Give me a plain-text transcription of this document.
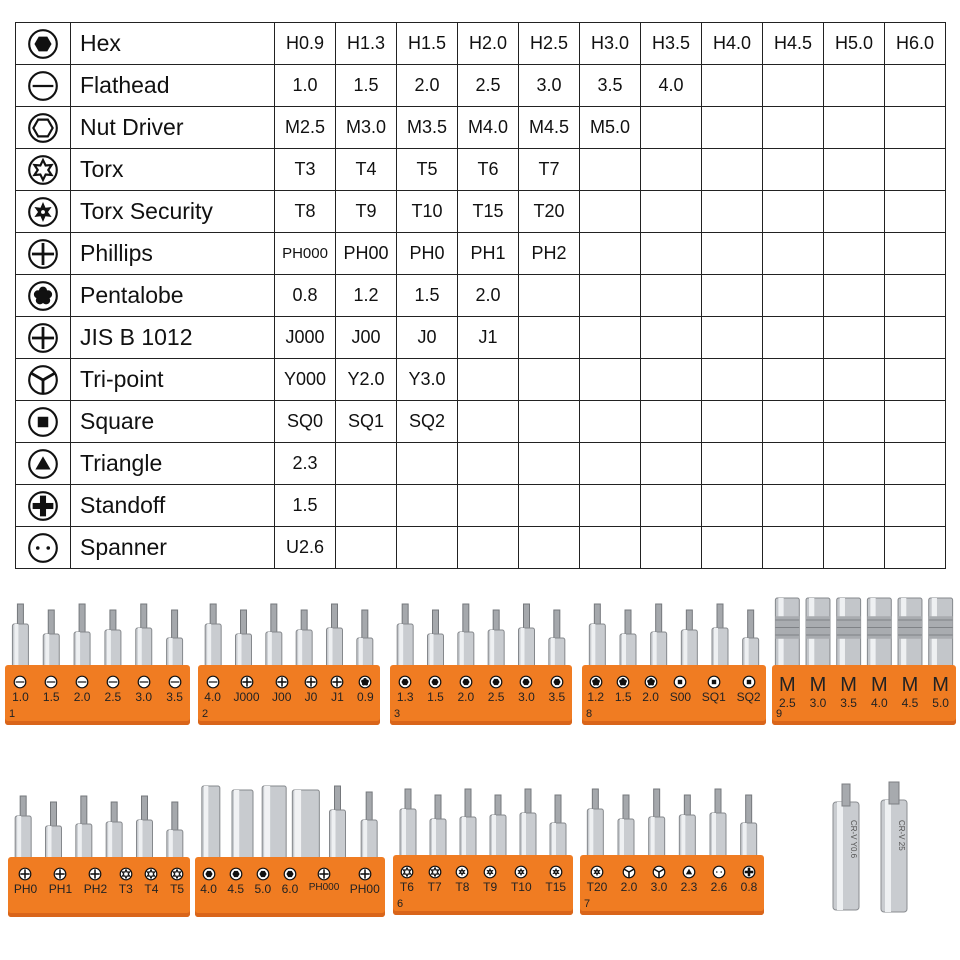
	Hex	H0.9	H1.3	H1.5	H2.0	H2.5	H3.0	H3.5	H4.0	H4.5	H5.0	H6.0

	Flathead	1.0	1.5	2.0	2.5	3.0	3.5	4.0				

	Nut Driver	M2.5	M3.0	M3.5	M4.0	M4.5	M5.0					

	Torx	T3	T4	T5	T6	T7						

	Torx Security	T8	T9	T10	T15	T20						

	Phillips	PH000	PH00	PH0	PH1	PH2						

	Pentalobe	0.8	1.2	1.5	2.0							

	JIS B 1012	J000	J00	J0	J1							

	Tri-point	Y000	Y2.0	Y3.0								

	Square	SQ0	SQ1	SQ2								

	Triangle	2.3										

	Standoff	1.5										

	Spanner	U2.6										
1.0 1.5 2.0 2.5 3.0 3.5
1
4.0 J000 J00 J0 J1 0.9
2
1.3 1.5 2.0 2.5 3.0 3.5
3
1.2 1.5 2.0 S00 SQ1 SQ2
8
M
2.5
M
3.0
M
3.5
M
4.0
M
4.5
M
5.0
9
PH0 PH1 PH2 T3 T4 T5 4.0 4.5 5.0 6.0 PH000 PH00 T6 T7 T8 T9 T10 T15
6
T20 2.0 3.0 2.3 2.6 0.8
7
CR-V Y0.6	CR-V 25
